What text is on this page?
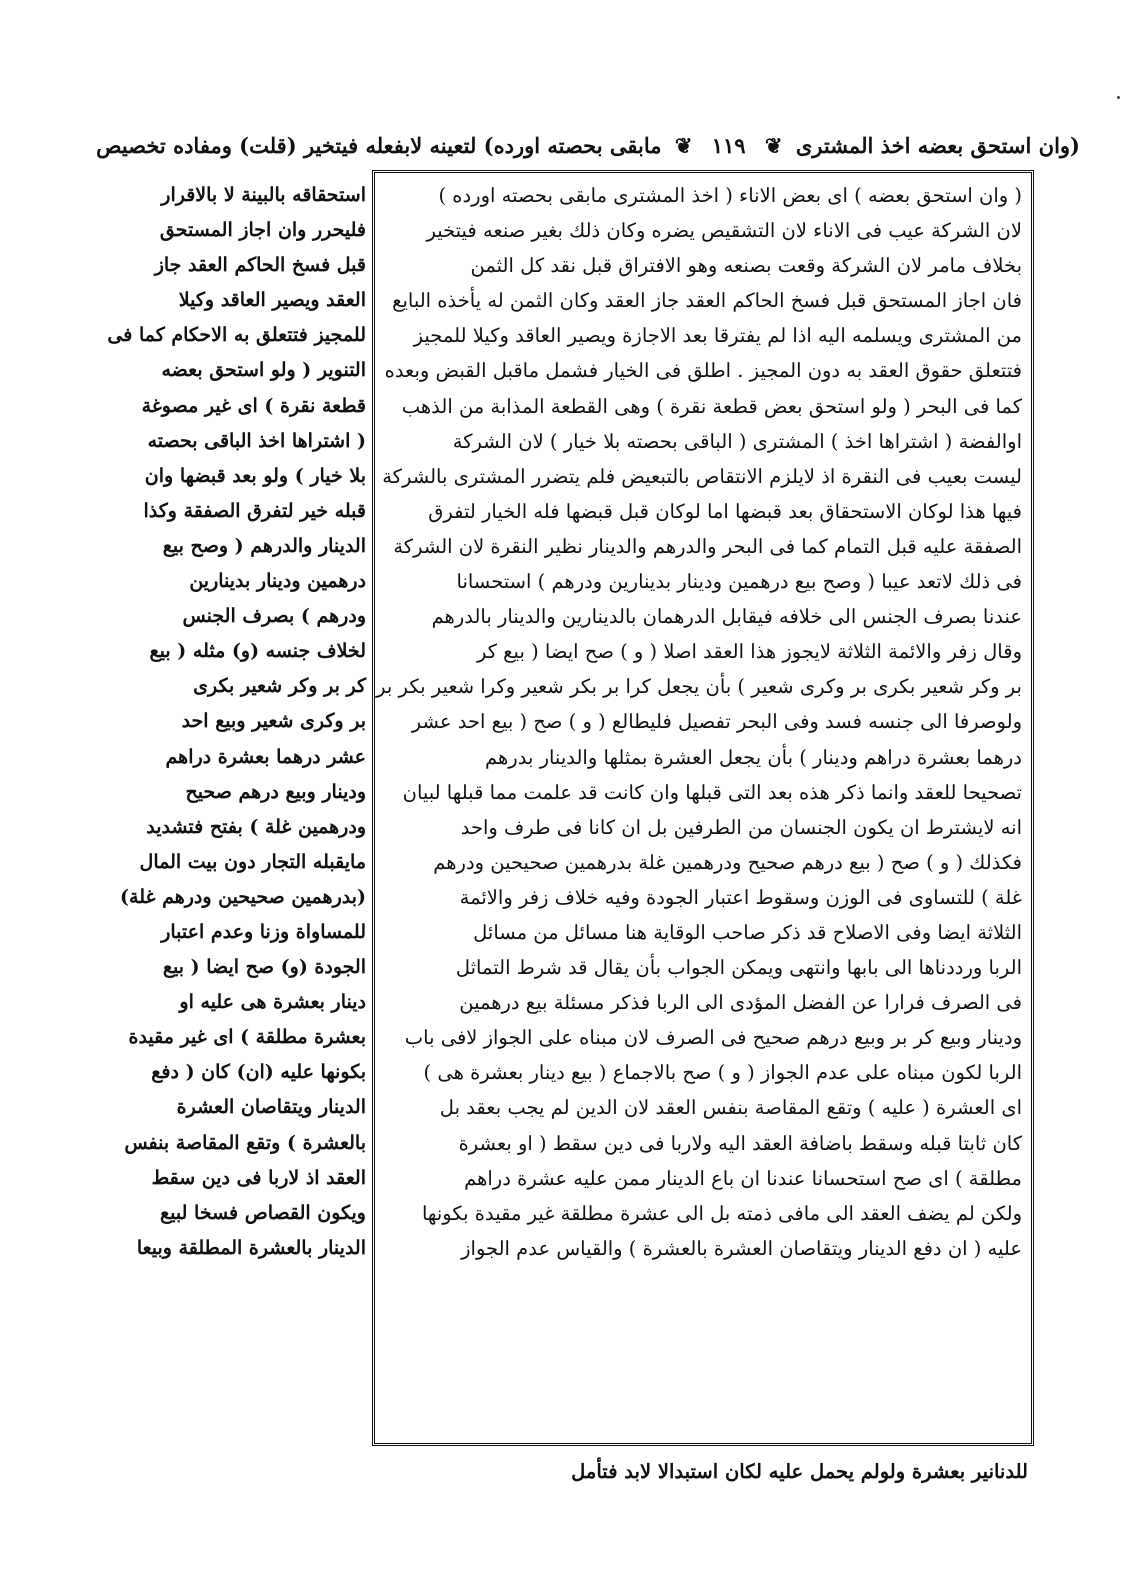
(وان استحق بعضه اخذ المشترى ❦ ١١٩ ❦ مابقى بحصته اورده) لتعينه لابفعله فيتخير (قلت) ومفاده تخصيص
( وان استحق بعضه ) اى بعض الاناء ( اخذ المشترى مابقى بحصته اورده )
لان الشركة عيب فى الاناء لان التشقيص يضره وكان ذلك بغير صنعه فيتخير
بخلاف مامر لان الشركة وقعت بصنعه وهو الافتراق قبل نقد كل الثمن
فان اجاز المستحق قبل فسخ الحاكم العقد جاز العقد وكان الثمن له يأخذه البايع
من المشترى ويسلمه اليه اذا لم يفترقا بعد الاجازة ويصير العاقد وكيلا للمجيز
فتتعلق حقوق العقد به دون المجيز . اطلق فى الخيار فشمل ماقبل القبض وبعده
كما فى البحر ( ولو استحق بعض قطعة نقرة ) وهى القطعة المذابة من الذهب
اوالفضة ( اشتراها اخذ ) المشترى ( الباقى بحصته بلا خيار ) لان الشركة
ليست بعيب فى النقرة اذ لايلزم الانتقاص بالتبعيض فلم يتضرر المشترى بالشركة
فيها هذا لوكان الاستحقاق بعد قبضها اما لوكان قبل قبضها فله الخيار لتفرق
الصفقة عليه قبل التمام كما فى البحر والدرهم والدينار نظير النقرة لان الشركة
فى ذلك لاتعد عيبا ( وصح بيع درهمين ودينار بدينارين ودرهم ) استحسانا
عندنا بصرف الجنس الى خلافه فيقابل الدرهمان بالدينارين والدينار بالدرهم
وقال زفر والائمة الثلاثة لايجوز هذا العقد اصلا ( و ) صح ايضا ( بيع كر
بر وكر شعير بكرى بر وكرى شعير ) بأن يجعل كرا بر بكر شعير وكرا شعير بكر بر
ولوصرفا الى جنسه فسد وفى البحر تفصيل فليطالع ( و ) صح ( بيع احد عشر
درهما بعشرة دراهم ودينار ) بأن يجعل العشرة بمثلها والدينار بدرهم
تصحيحا للعقد وانما ذكر هذه بعد التى قبلها وان كانت قد علمت مما قبلها لبيان
انه لايشترط ان يكون الجنسان من الطرفين بل ان كانا فى طرف واحد
فكذلك ( و ) صح ( بيع درهم صحيح ودرهمين غلة بدرهمين صحيحين ودرهم
غلة ) للتساوى فى الوزن وسقوط اعتبار الجودة وفيه خلاف زفر والائمة
الثلاثة ايضا وفى الاصلاح قد ذكر صاحب الوقاية هنا مسائل من مسائل
الربا ورددناها الى بابها وانتهى ويمكن الجواب بأن يقال قد شرط التماثل
فى الصرف فرارا عن الفضل المؤدى الى الربا فذكر مسئلة بيع درهمين
ودينار وبيع كر بر وبيع درهم صحيح فى الصرف لان مبناه على الجواز لافى باب
الربا لكون مبناه على عدم الجواز ( و ) صح بالاجماع ( بيع دينار بعشرة هى )
اى العشرة ( عليه ) وتقع المقاصة بنفس العقد لان الدين لم يجب بعقد بل
كان ثابتا قبله وسقط باضافة العقد اليه ولاربا فى دين سقط ( او بعشرة
مطلقة ) اى صح استحسانا عندنا ان باع الدينار ممن عليه عشرة دراهم
ولكن لم يضف العقد الى مافى ذمته بل الى عشرة مطلقة غير مقيدة بكونها
عليه ( ان دفع الدينار ويتقاصان العشرة بالعشرة ) والقياس عدم الجواز
استحقاقه بالبينة لا بالاقرار
فليحرر وان اجاز المستحق
قبل فسخ الحاكم العقد جاز
العقد ويصير العاقد وكيلا
للمجيز فتتعلق به الاحكام كما فى
التنوير ( ولو استحق بعضه
قطعة نقرة ) اى غير مصوغة
( اشتراها اخذ الباقى بحصته
بلا خيار ) ولو بعد قبضها وان
قبله خير لتفرق الصفقة وكذا
الدينار والدرهم ( وصح بيع
درهمين ودينار بدينارين
ودرهم ) بصرف الجنس
لخلاف جنسه (و) مثله ( بيع
كر بر وكر شعير بكرى
بر وكرى شعير وبيع احد
عشر درهما بعشرة دراهم
ودينار وبيع درهم صحيح
ودرهمين غلة ) بفتح فتشديد
مايقبله التجار دون بيت المال
(بدرهمين صحيحين ودرهم غلة)
للمساواة وزنا وعدم اعتبار
الجودة (و) صح ايضا ( بيع
دينار بعشرة هى عليه او
بعشرة مطلقة ) اى غير مقيدة
بكونها عليه (ان) كان ( دفع
الدينار ويتقاصان العشرة
بالعشرة ) وتقع المقاصة بنفس
العقد اذ لاربا فى دين سقط
ويكون القصاص فسخا لبيع
الدينار بالعشرة المطلقة وبيعا
للدنانير بعشرة ولولم يحمل عليه لكان استبدالا لابد فتأمل
